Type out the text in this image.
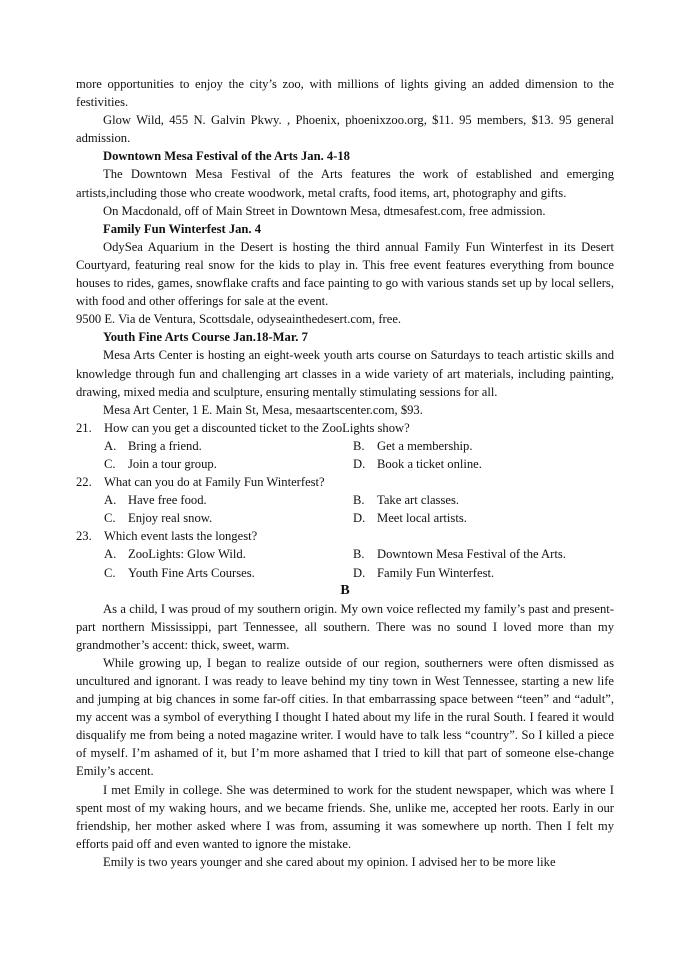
more opportunities to enjoy the city’s zoo, with millions of lights giving an added dimension to the festivities.

Glow Wild, 455 N. Galvin Pkwy. , Phoenix, phoenixzoo.org, $11. 95 members, $13. 95 general admission.

Downtown Mesa Festival of the Arts Jan. 4-18

The Downtown Mesa Festival of the Arts features the work of established and emerging artists,including those who create woodwork, metal crafts, food items, art, photography and gifts.

On Macdonald, off of Main Street in Downtown Mesa, dtmesafest.com, free admission.

Family Fun Winterfest Jan. 4

OdySea Aquarium in the Desert is hosting the third annual Family Fun Winterfest in its Desert Courtyard, featuring real snow for the kids to play in. This free event features everything from bounce houses to rides, games, snowflake crafts and face painting to go with various stands set up by local sellers, with food and other offerings for sale at the event.

9500 E. Via de Ventura, Scottsdale, odyseainthedesert.com, free.

Youth Fine Arts Course Jan.18-Mar. 7

Mesa Arts Center is hosting an eight-week youth arts course on Saturdays to teach artistic skills and knowledge through fun and challenging art classes in a wide variety of art materials, including painting, drawing, mixed media and sculpture, ensuring mentally stimulating sessions for all.

Mesa Art Center, 1 E. Main St, Mesa, mesaartscenter.com, $93.

21. How can you get a discounted ticket to the ZooLights show?

A. Bring a friend.	B. Get a membership.
C. Join a tour group.	D. Book a ticket online.

22. What can you do at Family Fun Winterfest?

A. Have free food.	B. Take art classes.
C. Enjoy real snow.	D. Meet local artists.

23. Which event lasts the longest?

A. ZooLights: Glow Wild.	B. Downtown Mesa Festival of the Arts.
C. Youth Fine Arts Courses.	D. Family Fun Winterfest.

B

As a child, I was proud of my southern origin. My own voice reflected my family’s past and present-part northern Mississippi, part Tennessee, all southern. There was no sound I loved more than my grandmother’s accent: thick, sweet, warm.

While growing up, I began to realize outside of our region, southerners were often dismissed as uncultured and ignorant. I was ready to leave behind my tiny town in West Tennessee, starting a new life and jumping at big chances in some far-off cities. In that embarrassing space between “teen” and “adult”, my accent was a symbol of everything I thought I hated about my life in the rural South. I feared it would disqualify me from being a noted magazine writer. I would have to talk less “country”. So I killed a piece of myself. I’m ashamed of it, but I’m more ashamed that I tried to kill that part of someone else-change Emily’s accent.

I met Emily in college. She was determined to work for the student newspaper, which was where I spent most of my waking hours, and we became friends. She, unlike me, accepted her roots. Early in our friendship, her mother asked where I was from, assuming it was somewhere up north. Then I felt my efforts paid off and even wanted to ignore the mistake.

Emily is two years younger and she cared about my opinion. I advised her to be more like
